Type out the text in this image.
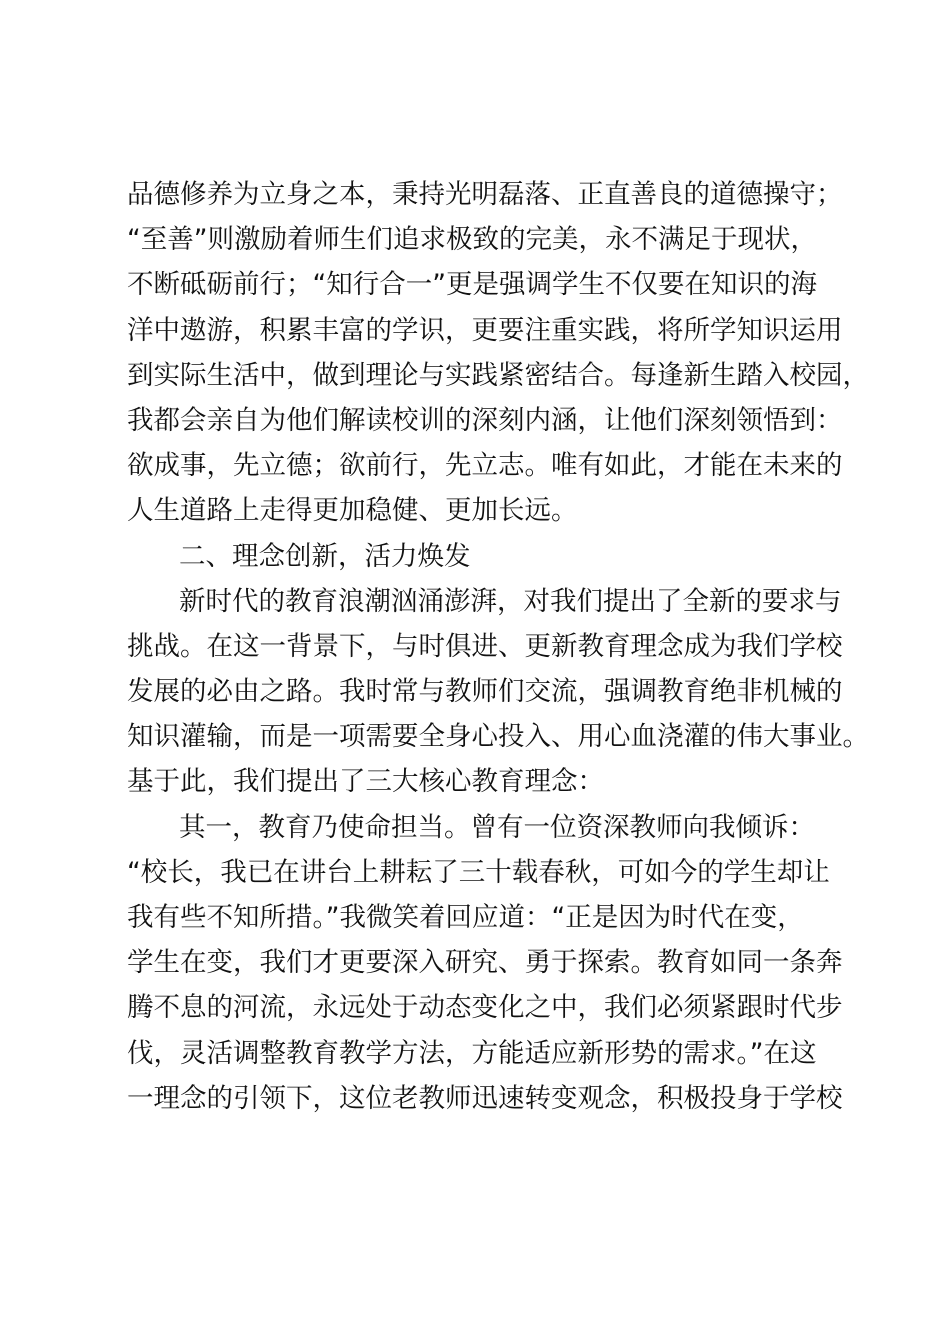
品德修养为立身之本，秉持光明磊落、正直善良的道德操守；
“至善”则激励着师生们追求极致的完美，永不满足于现状，
不断砥砺前行；“知行合一”更是强调学生不仅要在知识的海
洋中遨游，积累丰富的学识，更要注重实践，将所学知识运用
到实际生活中，做到理论与实践紧密结合。每逢新生踏入校园，
我都会亲自为他们解读校训的深刻内涵，让他们深刻领悟到：
欲成事，先立德；欲前行，先立志。唯有如此，才能在未来的
人生道路上走得更加稳健、更加长远。
二、理念创新，活力焕发
新时代的教育浪潮汹涌澎湃，对我们提出了全新的要求与
挑战。在这一背景下，与时俱进、更新教育理念成为我们学校
发展的必由之路。我时常与教师们交流，强调教育绝非机械的
知识灌输，而是一项需要全身心投入、用心血浇灌的伟大事业。
基于此，我们提出了三大核心教育理念：
其一，教育乃使命担当。曾有一位资深教师向我倾诉：
“校长，我已在讲台上耕耘了三十载春秋，可如今的学生却让
我有些不知所措。”我微笑着回应道：“正是因为时代在变，
学生在变，我们才更要深入研究、勇于探索。教育如同一条奔
腾不息的河流，永远处于动态变化之中，我们必须紧跟时代步
伐，灵活调整教育教学方法，方能适应新形势的需求。”在这
一理念的引领下，这位老教师迅速转变观念，积极投身于学校
